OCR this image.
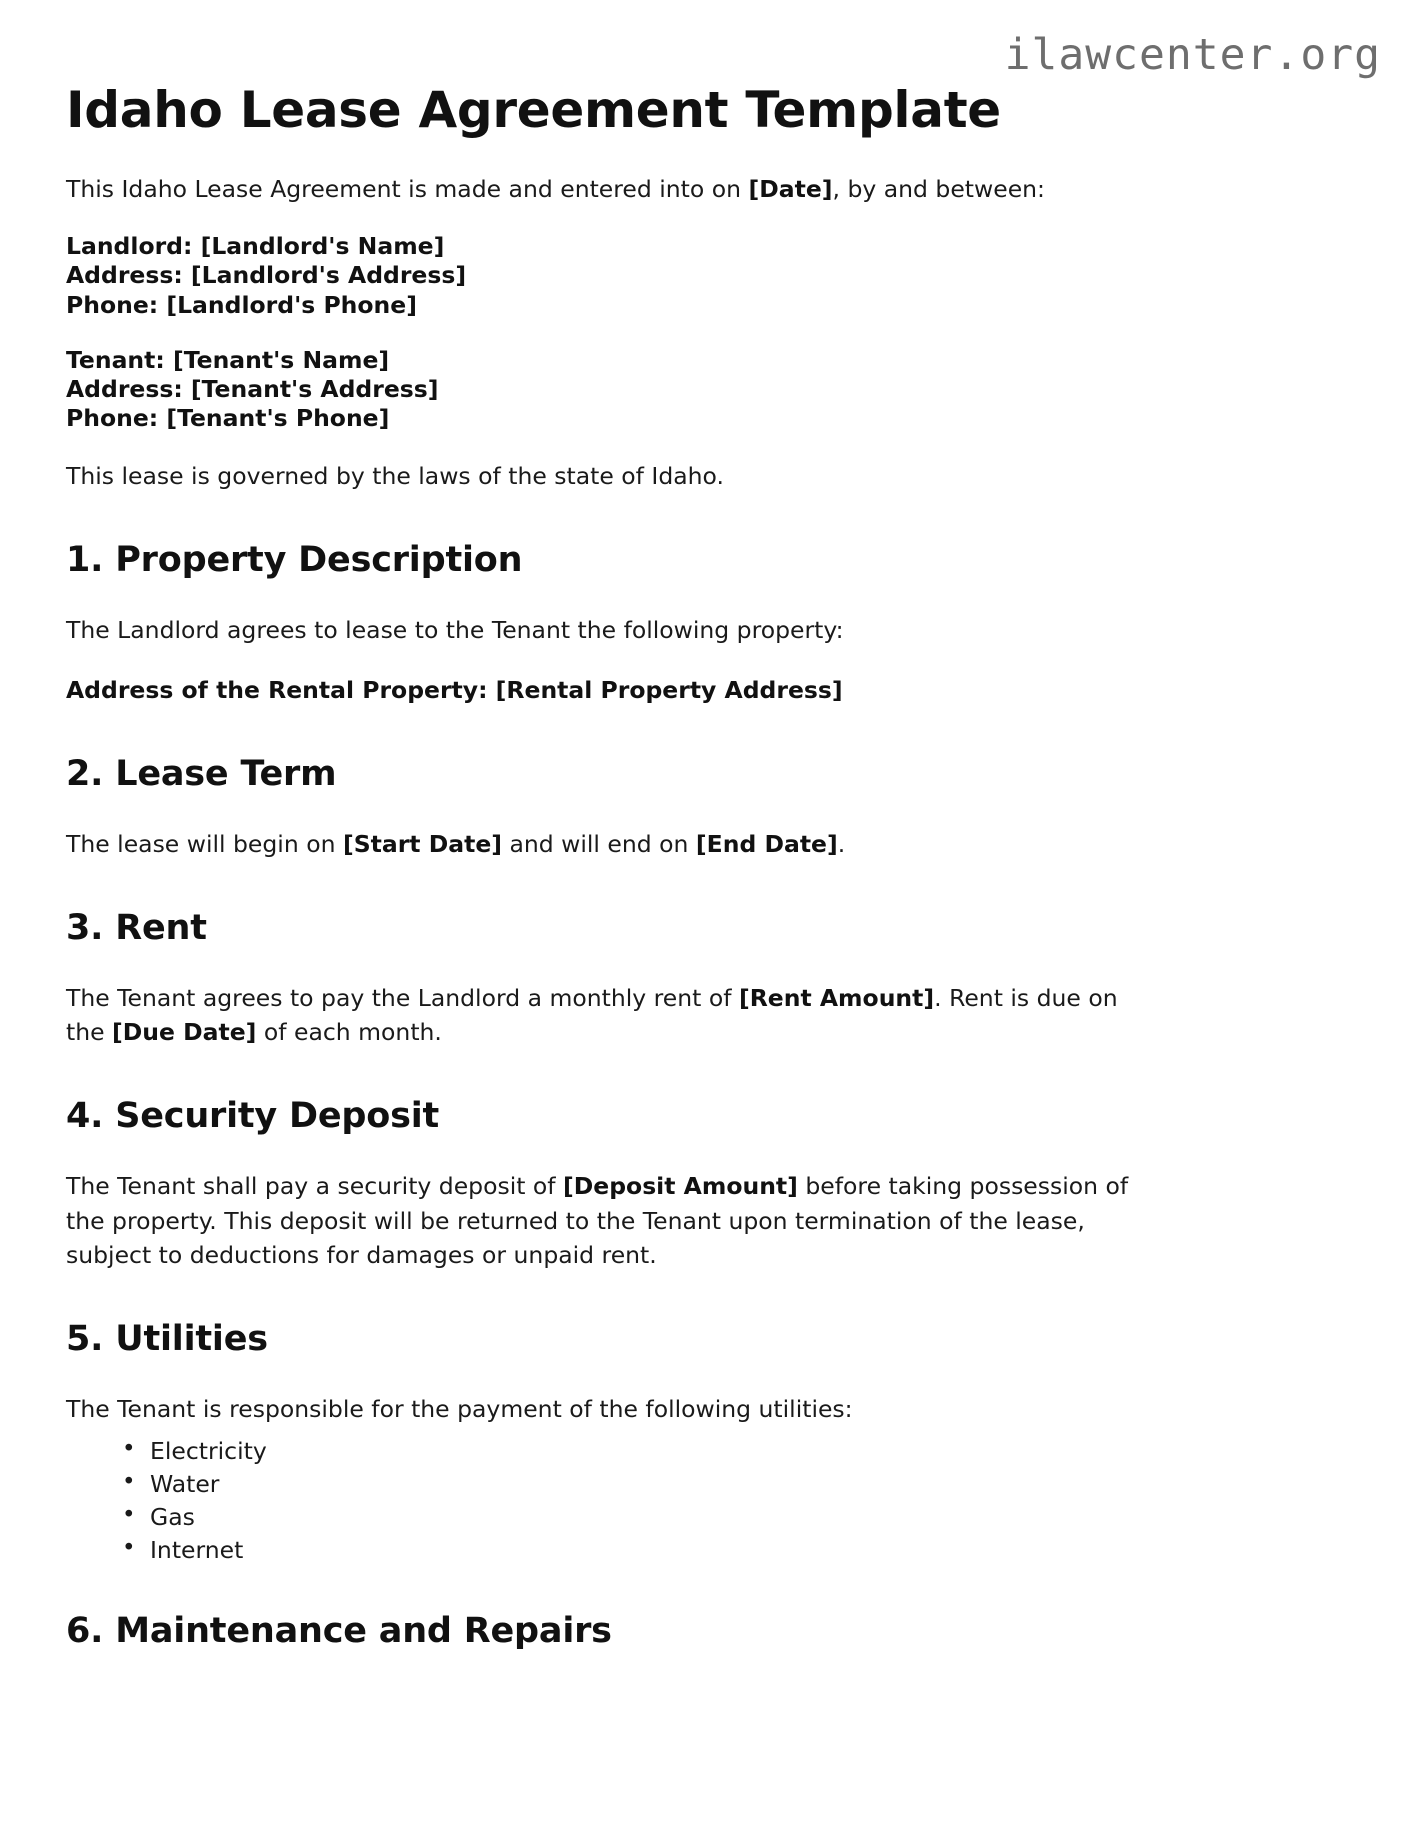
ilawcenter.org
Idaho Lease Agreement Template

This Idaho Lease Agreement is made and entered into on [Date], by and between:

Landlord: [Landlord's Name]
Address: [Landlord's Address]
Phone: [Landlord's Phone]
Tenant: [Tenant's Name]
Address: [Tenant's Address]
Phone: [Tenant's Phone]

This lease is governed by the laws of the state of Idaho.

1. Property Description

The Landlord agrees to lease to the Tenant the following property:

Address of the Rental Property: [Rental Property Address]

2. Lease Term

The lease will begin on [Start Date] and will end on [End Date].

3. Rent

The Tenant agrees to pay the Landlord a monthly rent of [Rent Amount]. Rent is due on the [Due Date] of each month.

4. Security Deposit

The Tenant shall pay a security deposit of [Deposit Amount] before taking possession of the property. This deposit will be returned to the Tenant upon termination of the lease, subject to deductions for damages or unpaid rent.

5. Utilities

The Tenant is responsible for the payment of the following utilities:

• Electricity
• Water
• Gas
• Internet
6. Maintenance and Repairs
